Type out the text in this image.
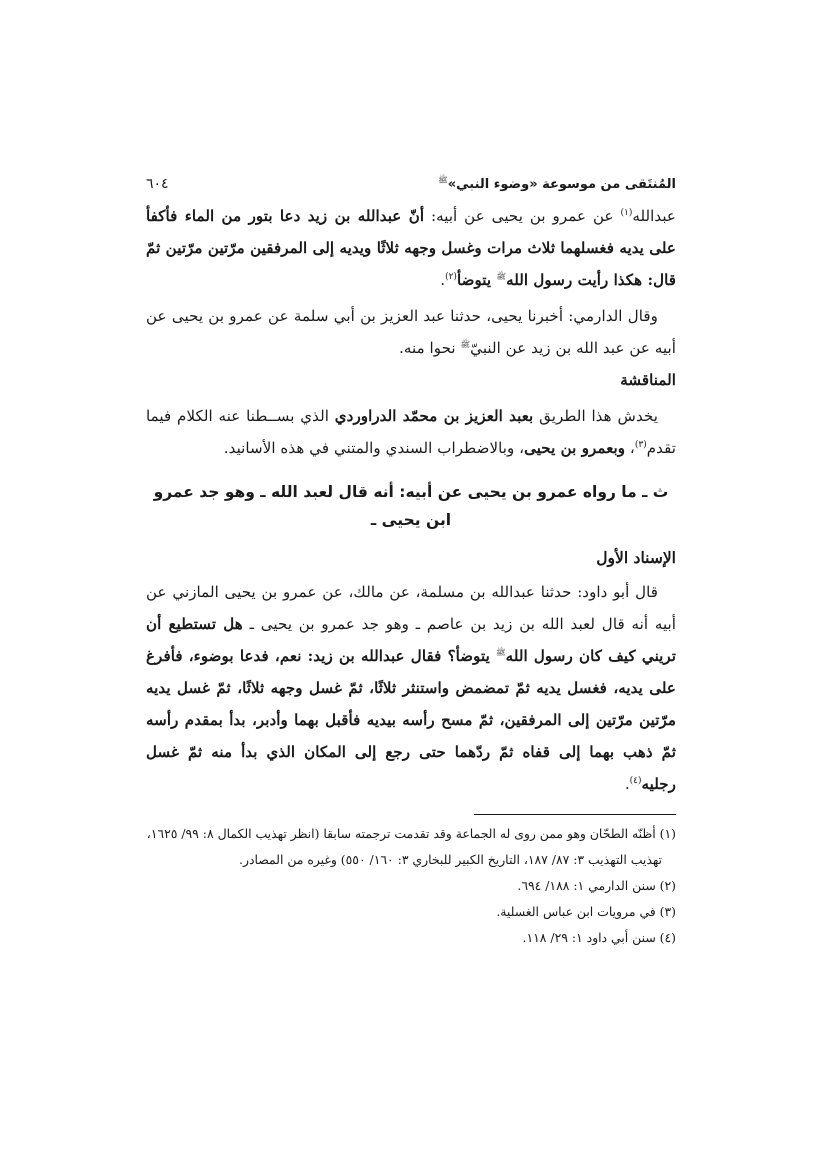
المُنتَقى من موسوعة «وضوء النبي»$^ﷺ$
٦٠٤

عبدالله$^{(١)}$ عن عمرو بن يحيى عن أبيه: أنّ عبدالله بن زيد دعا بتور من الماء فأكفأ على يديه فغسلهما ثلاث مرات وغسل وجهه ثلاثًا ويديه إلى المرفقين مرّتين مرّتين ثمّ قال: هكذا رأيت رسول الله$^ﷺ$ يتوضأ$^{(٢)}$.

وقال الدارمي: أخبرنا يحيى، حدثنا عبد العزيز بن أبي سلمة عن عمرو بن يحيى عن أبيه عن عبد الله بن زيد عن النبيّ$^ﷺ$ نحوا منه.

المناقشة

يخدش هذا الطريق بعبد العزيز بن محمّد الدراوردي الذي بســطنا عنه الكلام فيما تقدم$^{(٣)}$، وبعمرو بن يحيى، وبالاضطراب السندي والمتني في هذه الأسانيد.

ث ـ ما رواه عمرو بن يحيى عن أبيه: أنه قال لعبد الله ـ وهو جد عمرو
ابن يحيى ـ

الإسناد الأول

قال أبو داود: حدثنا عبدالله بن مسلمة، عن مالك، عن عمرو بن يحيى المازني عن أبيه أنه قال لعبد الله بن زيد بن عاصم ـ وهو جد عمرو بن يحيى ـ هل تستطيع أن تريني كيف كان رسول الله$^ﷺ$ يتوضأ؟ فقال عبدالله بن زيد: نعم، فدعا بوضوء، فأفرغ على يديه، فغسل يديه ثمّ تمضمض واستنثر ثلاثًا، ثمّ غسل وجهه ثلاثًا، ثمّ غسل يديه مرّتين مرّتين إلى المرفقين، ثمّ مسح رأسه بيديه فأقبل بهما وأدبر، بدأ بمقدم رأسه ثمّ ذهب بهما إلى قفاه ثمّ ردّهما حتى رجع إلى المكان الذي بدأ منه ثمّ غسل رجليه$^{(٤)}$.

(١) أظنّه الطحّان وهو ممن روى له الجماعة وقد تقدمت ترجمته سابقا (انظر تهذيب الكمال ٨: ٩٩/ ١٦٢٥،
تهذيب التهذيب ٣: ٨٧/ ١٨٧، التاريخ الكبير للبخاري ٣: ١٦٠/ ٥٥٠) وغيره من المصادر.

(٢) سنن الدارمي ١: ١٨٨/ ٦٩٤.

(٣) في مرويات ابن عباس الغسلية.

(٤) سنن أبي داود ١: ٢٩/ ١١٨.
